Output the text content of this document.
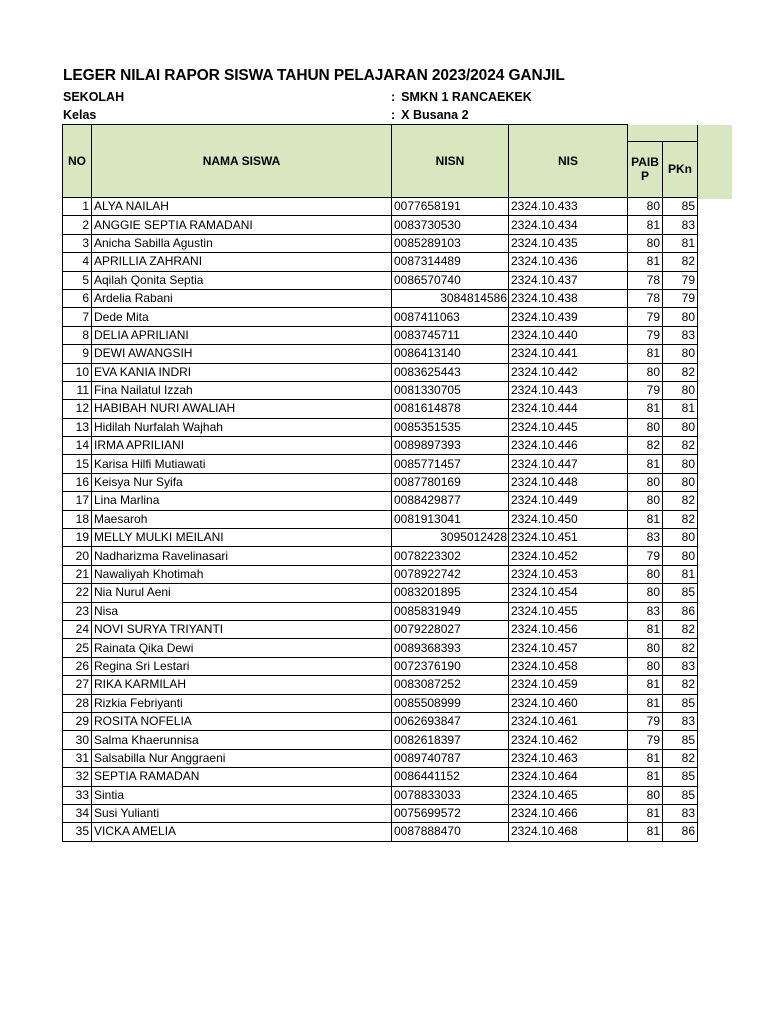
LEGER NILAI RAPOR SISWA TAHUN PELAJARAN 2023/2024 GANJIL
SEKOLAH	: SMKN 1 RANCAEKEK
Kelas	: X Busana 2
NO	NAMA SISWA	NISN	NIS		
				PAIB P	PKn
1	ALYA NAILAH	0077658191	2324.10.433	80	85
2	ANGGIE SEPTIA RAMADANI	0083730530	2324.10.434	81	83
3	Anicha Sabilla Agustin	0085289103	2324.10.435	80	81
4	APRILLIA ZAHRANI	0087314489	2324.10.436	81	82
5	Aqilah Qonita Septia	0086570740	2324.10.437	78	79
6	Ardelia Rabani	3084814586	2324.10.438	78	79
7	Dede Mita	0087411063	2324.10.439	79	80
8	DELIA APRILIANI	0083745711	2324.10.440	79	83
9	DEWI AWANGSIH	0086413140	2324.10.441	81	80
10	EVA KANIA INDRI	0083625443	2324.10.442	80	82
11	Fina Nailatul Izzah	0081330705	2324.10.443	79	80
12	HABIBAH NURI AWALIAH	0081614878	2324.10.444	81	81
13	Hidilah Nurfalah Wajhah	0085351535	2324.10.445	80	80
14	IRMA APRILIANI	0089897393	2324.10.446	82	82
15	Karisa Hilfi Mutiawati	0085771457	2324.10.447	81	80
16	Keisya Nur Syifa	0087780169	2324.10.448	80	80
17	Lina Marlina	0088429877	2324.10.449	80	82
18	Maesaroh	0081913041	2324.10.450	81	82
19	MELLY MULKI MEILANI	3095012428	2324.10.451	83	80
20	Nadharizma Ravelinasari	0078223302	2324.10.452	79	80
21	Nawaliyah Khotimah	0078922742	2324.10.453	80	81
22	Nia Nurul Aeni	0083201895	2324.10.454	80	85
23	Nisa	0085831949	2324.10.455	83	86
24	NOVI SURYA TRIYANTI	0079228027	2324.10.456	81	82
25	Rainata Qika Dewi	0089368393	2324.10.457	80	82
26	Regina Sri Lestari	0072376190	2324.10.458	80	83
27	RIKA KARMILAH	0083087252	2324.10.459	81	82
28	Rizkia Febriyanti	0085508999	2324.10.460	81	85
29	ROSITA NOFELIA	0062693847	2324.10.461	79	83
30	Salma Khaerunnisa	0082618397	2324.10.462	79	85
31	Salsabilla Nur Anggraeni	0089740787	2324.10.463	81	82
32	SEPTIA RAMADAN	0086441152	2324.10.464	81	85
33	Sintia	0078833033	2324.10.465	80	85
34	Susi Yulianti	0075699572	2324.10.466	81	83
35	VICKA AMELIA	0087888470	2324.10.468	81	86
